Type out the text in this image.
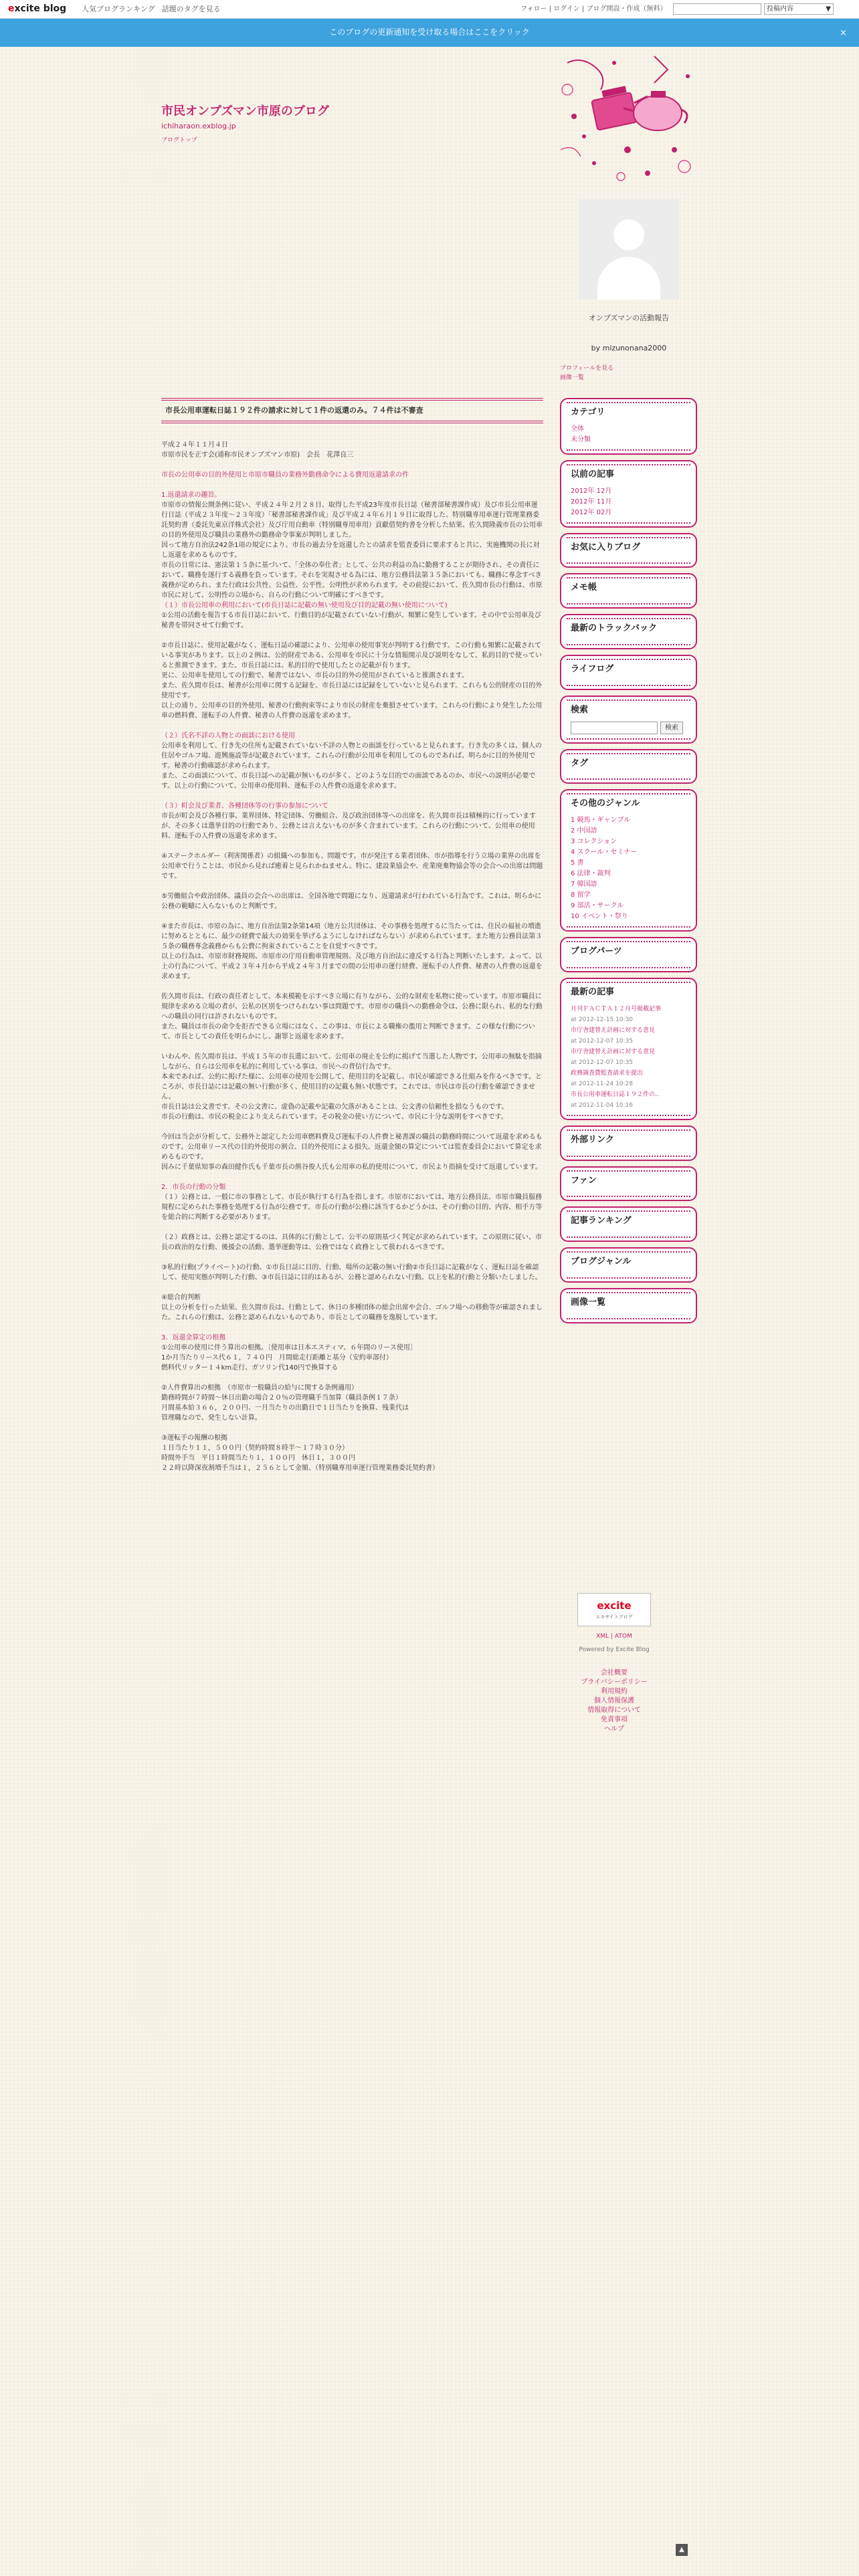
excite blog	人気ブログランキング 話題のタグを見る	フォロー | ログイン | ブログ開設・作成（無料）	投稿内容	▼
このブログの更新通知を受け取る場合はここをクリック	×
市民オンブズマン市原のブログ
ichiharaon.exblog.jp
ブログトップ
オンブズマンの活動報告
by mizunonana2000
プロフィールを見る
画像一覧
市長公用車運転日誌１９２件の請求に対して１件の返還のみ。７４件は不審査

平成２４年１１月４日
市原市民を正す会(通称市民オンブズマン市原)　会長　花澤良三

市長の公用車の目的外使用と市原市職員の業務外勤務命令による費用返還請求の件

1.返還請求の趣旨。
市原市の情報公開条例に従い、平成２４年２月２８日、取得した平成23年度市長日誌（秘書部秘書課作成）及び市長公用車運行日誌（平成２３年度～２３年度）「秘書部秘書課作成」及び平成２４年６月１９日に取得した、特別職専用車運行管理業務委託契約書（委託先東京洋株式会社）及び庁用自動車（特別職専用車用）貢獻借契約書を分析した結果、佐久間隆義市長の公用車の目的外使用及び職員の業務外の勤務命令事案が判明しました。
因って地方自治法242条1項の規定により、市長の過去分を返還したとの請求を監査委員に要求すると共に、実施機関の長に対し返還を求めるものです。
市長の日常には、憲法第１５条に基づいて、「全体の奉仕者」として、公共の利益の為に勤務することが期待され、その責任において、職務を遂行する義務を負っています。それを実現させる為には、地方公務員法第３５条においても、職務に専念すべき義務が定められ、また行政は公共性、公益性、公平性、公明性が求められます。その前提において、佐久間市長の行動は、市原市民に対して、公明性の立場から、自らの行動について明確にすべきです。
（１）市長公用車の利用において(市長日誌に記載の無い使用及び目的記載の無い使用について)
①公用の活動を報告する市長日誌において、行動目的が記載されていない行動が、頻繁に発生しています。その中で公用車及び秘書を帯同させて行動です。

②市長日誌に、使用記載がなく、運転日誌の確認により、公用車の使用事実が判明する行動です。この行動も頻繁に記載されている事実があります。以上の２例は、公的財産である、公用車を市民に十分な情報開示及び説明をなして、私的目的で使っていると推測できます。また、市長日誌には、私的目的で使用したとの記載が有ります。
更に、公用車を使用しての行動で、秘書ではない、市長の目的外の使用がされていると推測されます。
また、佐久間市長は、秘書が公用車に関する記録を、市長日誌には記録をしていないと見られます。これらも公的財産の目的外使用です。
以上の通り、公用車の目的外使用、秘書の行動拘束等により市民の財産を棄損させています。これらの行動により発生した公用車の燃料費、運転手の人件費、秘書の人件費の返還を求めます。

（２）氏名不詳の人物との面談における使用
公用車を利用して、行き先の住所も記載されていない不詳の人物との面談を行っていると見られます。行き先の多くは、個人の住居やゴルフ場、遊興施設等が記載されています。これらの行動が公用車を利用してのものであれば、明らかに目的外使用です。秘書の行動確認が求められます。
また、この面談について、市長日誌への記載が無いものが多く、どのような目的での面談であるのか、市民への説明が必要です。以上の行動について、公用車の使用料、運転手の人件費の返還を求めます。

（３）町会及び業者、各種団体等の行事の参加について
市長が町会及び各種行事、業界団体、特定団体、労働組合、及び政治団体等への出席を、佐久間市長は積極的に行っていますが、その多くは選挙目的の行動であり、公務とは言えないものが多く含まれています。これらの行動について、公用車の使用料、運転手の人件費の返還を求めます。

④ステークホルダー（利害関係者）の組織への参加も、問題です。市が発注する業者団体、市が指導を行う立場の業界の出席を公用車で行うことは、市民から見れば癒着と見られかねません。特に、建設業協会や、産業廃棄物協会等の会合への出席は問題です。

⑤労働組合や政治団体、議員の会合への出席は、全国各地で問題になり、返還請求が行われている行為です。これは、明らかに公務の範疇に入らないものと判断です。

④また市長は、市原の為に、地方自治法第2条第14項（地方公共団体は、その事務を処理するに当たっては、住民の福祉の増進に努めるとともに、最少の経費で最大の効果を挙げるようにしなければならない）が求められています。また地方公務員法第３５条の職務専念義務からも公費に拘束されていることを自覚すべきです。
以上の行為は、市原市財務規則、市原市の庁用自動車管理規則、及び地方自治法に違反する行為と判断いたします。よって、以上の行為について、平成２３年４月から平成２４年３月までの間の公用車の運行経費、運転手の人件費、秘書の人件費の返還を求めます。

佐久間市長は、行政の責任者として、本来模範を示すべき立場に有りながら、公的な財産を私物に使っています。市原市職員に規律を求める立場の者が、公私の区別をつけられない事は問題です。市原市の職員への勤務命令は、公務に限られ、私的な行動への職員の同行は許されないものです。
また、職員は市長の命令を拒否できる立場にはなく、この事は、市長による職権の濫用と判断できます。この様な行動について、市長としての責任を明らかにし、謝罪と返還を求めます。

いわんや、佐久間市長は、平成１５年の市長選において、公用車の廃止を公約に掲げて当選した人物です。公用車の無駄を指摘しながら、自らは公用車を私的に利用している事は、市民への背信行為です。
本来であれば、公約に掲げた様に、公用車の使用を公開して、使用目的を記載し、市民が確認できる仕組みを作るべきです。ところが、市長日誌には記載の無い行動が多く、使用目的の記載も無い状態です。これでは、市民は市長の行動を確認できません。
市長日誌は公文書です。その公文書に、虚偽の記載や記載の欠落があることは、公文書の信頼性を損なうものです。
市長の行動は、市民の税金により支えられています。その税金の使い方について、市民に十分な説明をすべきです。

今回は当会が分析して、公務外と認定した公用車燃料費及び運転手の人件費と秘書課の職員の勤務時間について返還を求めるものです。公用車リース代の目的外使用の割合、目的外使用による損失、返還金額の算定については監査委員会において算定を求めるものです。
因みに千葉県知事の森田健作氏も千葉市長の熊谷俊人氏も公用車の私的使用について、市民より指摘を受けて返還しています。

2．市長の行動の分類
（１）公務とは、一般に市の事務として、市長が執行する行為を指します。市原市においては、地方公務員法、市原市職員服務規程に定められた事務を処理する行為が公務です。市長の行動が公務に該当するかどうかは、その行動の目的、内容、相手方等を総合的に判断する必要があります。

（２）政務とは、公務と認定するのは、具体的に行動として、公平の原則基づく判定が求められています。この原則に従い、市長の政治的な行動、後援会の活動、選挙運動等は、公務ではなく政務として扱われるべきです。

③私的行動(プライベート)の行動、①市長日誌に目的、行動、場所の記載の無い行動②市長日誌に記載がなく、運転日誌を確認して、使用実態が判明した行動、③市長日誌に目的はあるが、公務と認められない行動。以上を私的行動と分類いたしました。

④総合的判断
以上の分析を行った結果、佐久間市長は、行動として、休日の多種団体の総会出席や会合、ゴルフ場への移動等が確認されました。これらの行動は、公務と認められないものであり、市長としての職務を逸脱しています。

3．返還金算定の根拠
①公用車の使用に伴う算出の根拠。〔使用車は日本エスティマ、６年間のリース使用〕
1か月当たりリース代６１，７４０円　月間総走行距離と基分（安約車部付）
燃料代リッター１４km走行、ガソリン代140円で換算する

②人件費算出の根拠　（市原市一般職員の給与に関する条例適用）
勤務時間が７時間～休日出勤の場合２０％の管理職手当加算（職員条例１７条）
月間基本給３６６，２００円、一月当たりの出勤日で１日当たりを換算、残業代は
管理職なので、発生しない計算。

③運転手の報酬の根拠
１日当たり１１，５００円（契約時間８時半～１７時３０分）
時間外手当　平日１時間当たり１，１００円　休日１，３００円
２２時以降深夜割増手当は１，２５６として金額、（特別職専用車運行管理業務委託契約書）

カテゴリ
全体
未分類
以前の記事
2012年 12月
2012年 11月
2012年 02月
お気に入りブログ
メモ帳
最新のトラックバック
ライフログ
検索
検索
タグ
その他のジャンル
1 競馬・ギャンブル
2 中国語
3 コレクション
4 スクール・セミナー
5 書
6 法律・裁判
7 韓国語
8 留学
9 部活・サークル
10 イベント・祭り
ブログパーツ
最新の記事
月刊ＦＡＣＴＡ１２月号掲載記事
at 2012-12-15 10:30
市庁舎建替え計画に対する意見
at 2012-12-07 10:35
市庁舎建替え計画に対する意見
at 2012-12-07 10:35
政務調査費監査請求を提出
at 2012-11-24 10:28
市長公用車運転日誌１９２件の..
at 2012-11-04 10:16
外部リンク
ファン
記事ランキング
ブログジャンル
画像一覧
excite
エキサイトブログ
XML | ATOM
Powered by Excite Blog
会社概要
プライバシーポリシー
利用規約
個人情報保護
情報取得について
免責事項
ヘルプ
▲
